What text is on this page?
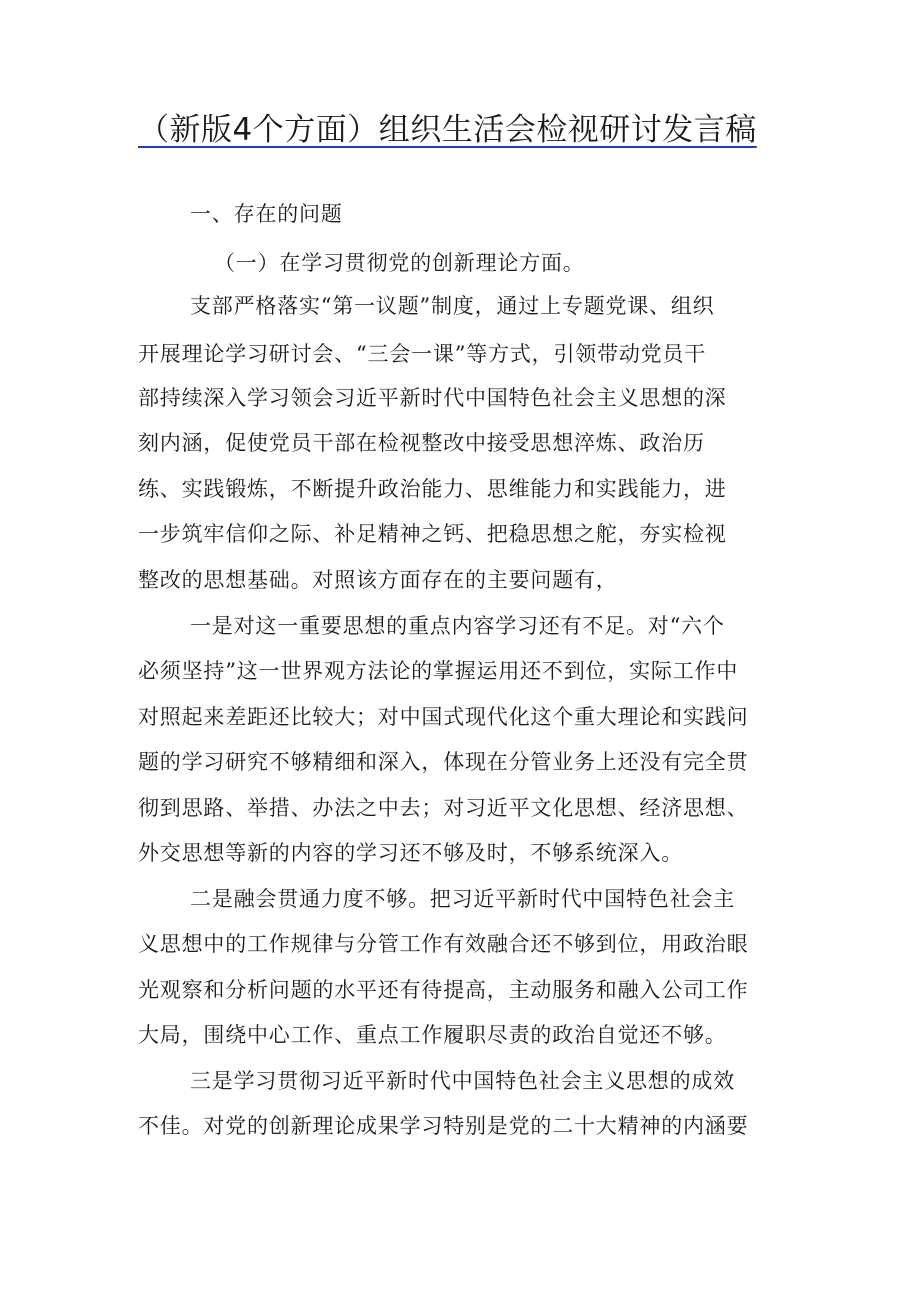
（新版4个方面）组织生活会检视研讨发言稿
一、存在的问题
（一）在学习贯彻党的创新理论方面。
支部严格落实“第一议题”制度，通过上专题党课、组织
开展理论学习研讨会、“三会一课”等方式，引领带动党员干
部持续深入学习领会习近平新时代中国特色社会主义思想的深
刻内涵，促使党员干部在检视整改中接受思想淬炼、政治历
练、实践锻炼，不断提升政治能力、思维能力和实践能力，进
一步筑牢信仰之际、补足精神之钙、把稳思想之舵，夯实检视
整改的思想基础。对照该方面存在的主要问题有，
一是对这一重要思想的重点内容学习还有不足。对“六个
必须坚持”这一世界观方法论的掌握运用还不到位，实际工作中
对照起来差距还比较大；对中国式现代化这个重大理论和实践问
题的学习研究不够精细和深入，体现在分管业务上还没有完全贯
彻到思路、举措、办法之中去；对习近平文化思想、经济思想、
外交思想等新的内容的学习还不够及时，不够系统深入。
二是融会贯通力度不够。把习近平新时代中国特色社会主
义思想中的工作规律与分管工作有效融合还不够到位，用政治眼
光观察和分析问题的水平还有待提高，主动服务和融入公司工作
大局，围绕中心工作、重点工作履职尽责的政治自觉还不够。
三是学习贯彻习近平新时代中国特色社会主义思想的成效
不佳。对党的创新理论成果学习特别是党的二十大精神的内涵要
